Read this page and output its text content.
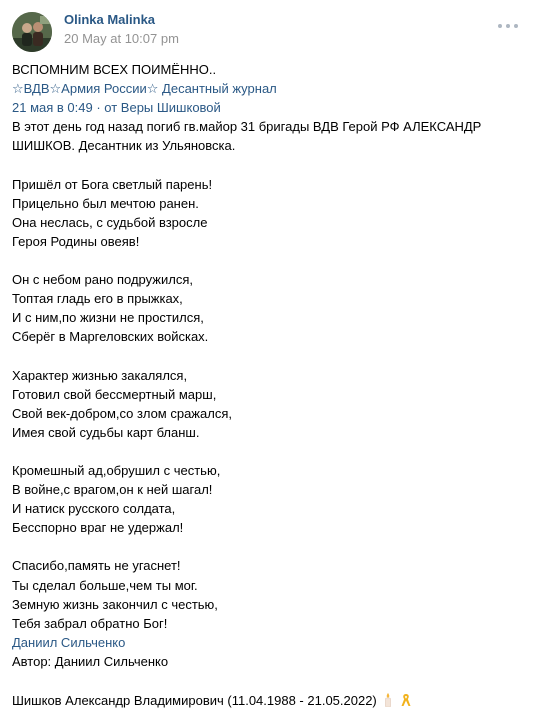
Olinka Malinka
20 May at 10:07 pm
ВСПОМНИМ ВСЕХ ПОИМЁННО..
☆ВДВ☆Армия России☆ Десантный журнал
21 мая в 0:49 · от Веры Шишковой
В этот день год назад погиб гв.майор 31 бригады ВДВ Герой РФ АЛЕКСАНДР ШИШКОВ. Десантник из Ульяновска.
Пришёл от Бога светлый парень!
Прицельно был мечтою ранен.
Она неслась, с судьбой взросле
Героя Родины овеяв!
Он с небом рано подружился,
Топтая гладь его в прыжках,
И с ним,по жизни не простился,
Сберёг в Маргеловских войсках.
Характер жизнью закалялся,
Готовил свой бессмертный марш,
Свой век-добром,со злом сражался,
Имея свой судьбы карт бланш.
Кромешный ад,обрушил с честью,
В войне,с врагом,он к ней шагал!
И натиск русского солдата,
Бесспорно враг не удержал!
Спасибо,память не угаснет!
Ты сделал больше,чем ты мог.
Земную жизнь закончил с честью,
Тебя забрал обратно Бог!
Даниил Сильченко
Автор: Даниил Сильченко
Шишков Александр Владимирович (11.04.1988 - 21.05.2022)
